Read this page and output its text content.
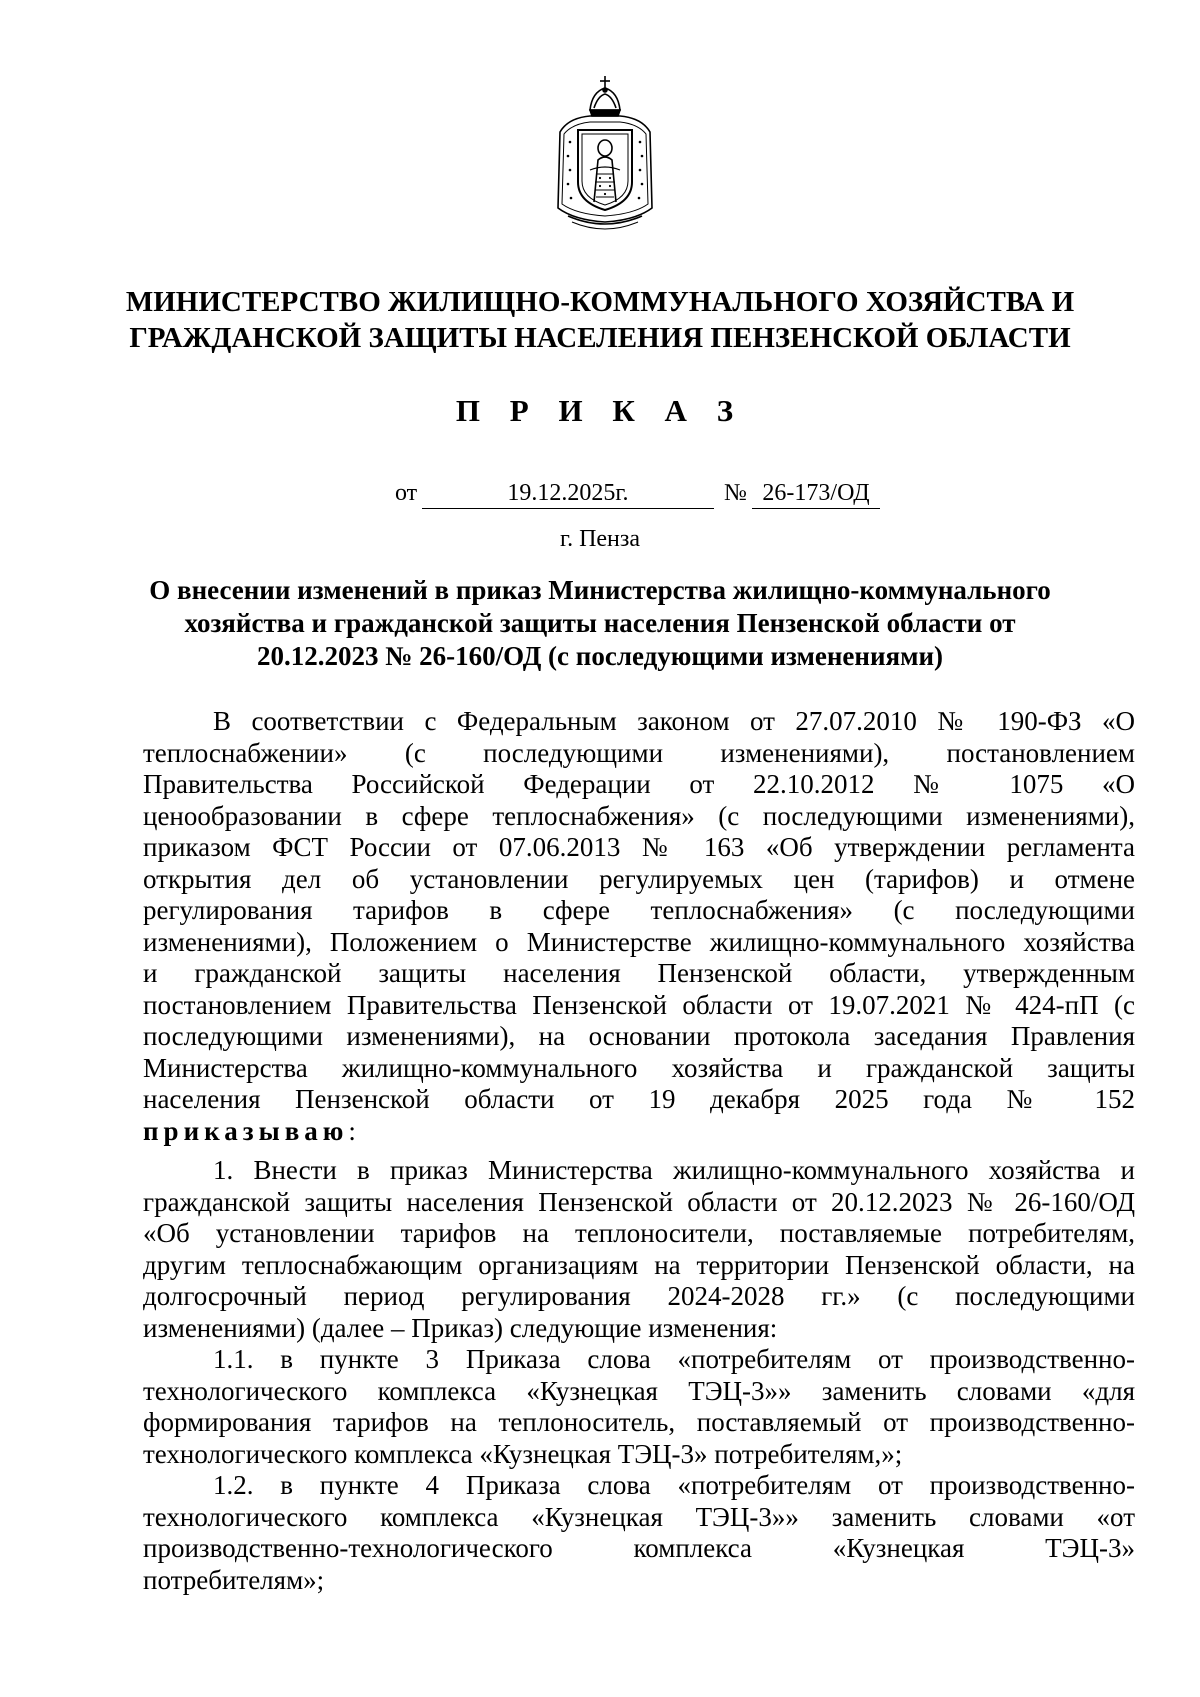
МИНИСТЕРСТВО ЖИЛИЩНО-КОММУНАЛЬНОГО ХОЗЯЙСТВА И
ГРАЖДАНСКОЙ ЗАЩИТЫ НАСЕЛЕНИЯ ПЕНЗЕНСКОЙ ОБЛАСТИ
П Р И К А З
от	19.12.2025г.	№ 26-173/ОД
г. Пенза
О внесении изменений в приказ Министерства жилищно-коммунального
хозяйства и гражданской защиты населения Пензенской области от
20.12.2023 № 26-160/ОД (с последующими изменениями)
В соответствии с Федеральным законом от 27.07.2010 № 190-ФЗ «О
теплоснабжении» (с последующими изменениями), постановлением
Правительства Российской Федерации от 22.10.2012 № 1075 «О
ценообразовании в сфере теплоснабжения» (с последующими изменениями),
приказом ФСТ России от 07.06.2013 № 163 «Об утверждении регламента
открытия дел об установлении регулируемых цен (тарифов) и отмене
регулирования тарифов в сфере теплоснабжения» (с последующими
изменениями), Положением о Министерстве жилищно-коммунального хозяйства
и гражданской защиты населения Пензенской области, утвержденным
постановлением Правительства Пензенской области от 19.07.2021 № 424-пП (с
последующими изменениями), на основании протокола заседания Правления
Министерства жилищно-коммунального хозяйства и гражданской защиты
населения Пензенской области от 19 декабря 2025 года № 152
приказываю:
1. Внести в приказ Министерства жилищно-коммунального хозяйства и
гражданской защиты населения Пензенской области от 20.12.2023 № 26-160/ОД
«Об установлении тарифов на теплоносители, поставляемые потребителям,
другим теплоснабжающим организациям на территории Пензенской области, на
долгосрочный период регулирования 2024-2028 гг.» (с последующими
изменениями) (далее – Приказ) следующие изменения:
1.1. в пункте 3 Приказа слова «потребителям от производственно-
технологического комплекса «Кузнецкая ТЭЦ-3»» заменить словами «для
формирования тарифов на теплоноситель, поставляемый от производственно-
технологического комплекса «Кузнецкая ТЭЦ-3» потребителям,»;
1.2. в пункте 4 Приказа слова «потребителям от производственно-
технологического комплекса «Кузнецкая ТЭЦ-3»» заменить словами «от
производственно-технологического комплекса «Кузнецкая ТЭЦ-3»
потребителям»;
